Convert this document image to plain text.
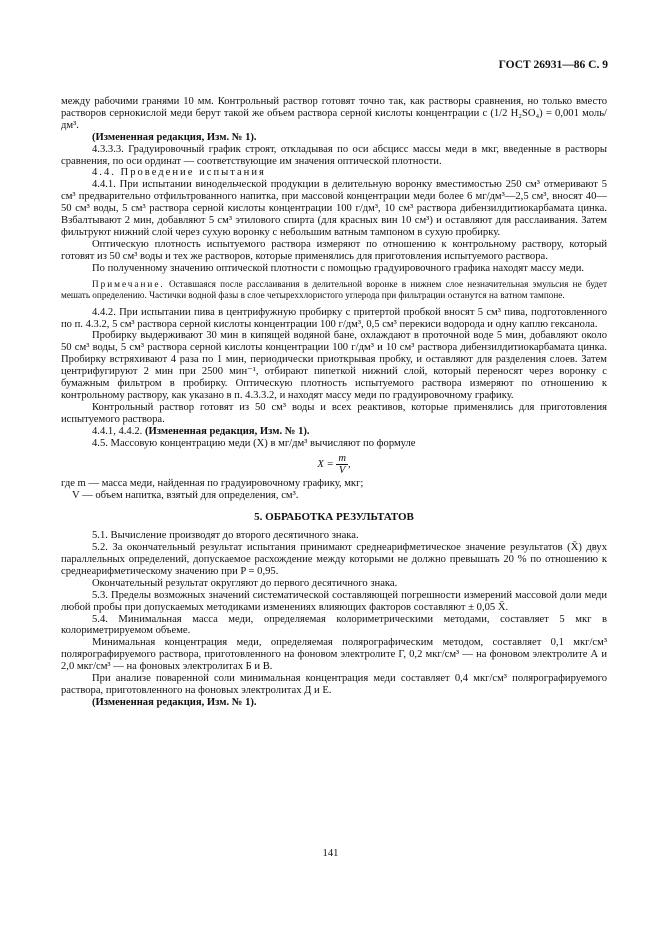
ГОСТ 26931—86 С. 9

между рабочими гранями 10 мм. Контрольный раствор готовят точно так, как растворы сравнения, но только вместо растворов сернокислой меди берут такой же объем раствора серной кислоты концентрации c (1/2 H₂SO₄) = 0,001 моль/дм³.

(Измененная редакция, Изм. № 1).

4.3.3.3. Градуировочный график строят, откладывая по оси абсцисс массы меди в мкг, введенные в растворы сравнения, по оси ординат — соответствующие им значения оптической плотности.

4.4. Проведение испытания

4.4.1. При испытании винодельческой продукции в делительную воронку вместимостью 250 см³ отмеривают 5 см³ предварительно отфильтрованного напитка, при массовой концентрации меди более 6 мг/дм³—2,5 см³, вносят 40—50 см³ воды, 5 см³ раствора серной кислоты концентрации 100 г/дм³, 10 см³ раствора дибензилдитиокарбамата цинка. Взбалтывают 2 мин, добавляют 5 см³ этилового спирта (для красных вин 10 см³) и оставляют для расслаивания. Затем фильтруют нижний слой через сухую воронку с небольшим ватным тампоном в сухую пробирку.

Оптическую плотность испытуемого раствора измеряют по отношению к контрольному раствору, который готовят из 50 см³ воды и тех же растворов, которые применялись для приготовления испытуемого раствора.

По полученному значению оптической плотности с помощью градуировочного графика находят массу меди.

Примечание. Оставшаяся после расслаивания в делительной воронке в нижнем слое незначительная эмульсия не будет мешать определению. Частички водной фазы в слое четыреххлористого углерода при фильтрации останутся на ватном тампоне.

4.4.2. При испытании пива в центрифужную пробирку с притертой пробкой вносят 5 см³ пива, подготовленного по п. 4.3.2, 5 см³ раствора серной кислоты концентрации 100 г/дм³, 0,5 см³ перекиси водорода и одну каплю гексанола.

Пробирку выдерживают 30 мин в кипящей водяной бане, охлаждают в проточной воде 5 мин, добавляют около 50 см³ воды, 5 см³ раствора серной кислоты концентрации 100 г/дм³ и 10 см³ раствора дибензилдитиокарбамата цинка. Пробирку встряхивают 4 раза по 1 мин, периодически приоткрывая пробку, и оставляют для разделения слоев. Затем центрифугируют 2 мин при 2500 мин⁻¹, отбирают пипеткой нижний слой, который переносят через воронку с бумажным фильтром в пробирку. Оптическую плотность испытуемого раствора измеряют по отношению к контрольному раствору, как указано в п. 4.3.3.2, и находят массу меди по градуировочному графику.

Контрольный раствор готовят из 50 см³ воды и всех реактивов, которые применялись для приготовления испытуемого раствора.

4.4.1, 4.4.2. (Измененная редакция, Изм. № 1).

4.5. Массовую концентрацию меди (X) в мг/дм³ вычисляют по формуле

$X = \frac{m}{V}$ ,

где m — масса меди, найденная по градуировочному графику, мкг;

V — объем напитка, взятый для определения, см³.

5. ОБРАБОТКА РЕЗУЛЬТАТОВ

5.1. Вычисление производят до второго десятичного знака.

5.2. За окончательный результат испытания принимают среднеарифметическое значение результатов (X̄) двух параллельных определений, допускаемое расхождение между которыми не должно превышать 20 % по отношению к среднеарифметическому значению при P = 0,95.

Окончательный результат округляют до первого десятичного знака.

5.3. Пределы возможных значений систематической составляющей погрешности измерений массовой доли меди любой пробы при допускаемых методиками изменениях влияющих факторов составляют ± 0,05 X̄.

5.4. Минимальная масса меди, определяемая колориметрическими методами, составляет 5 мкг в колориметрируемом объеме.

Минимальная концентрация меди, определяемая полярографическим методом, составляет 0,1 мкг/см³ полярографируемого раствора, приготовленного на фоновом электролите Г, 0,2 мкг/см³ — на фоновом электролите А и 2,0 мкг/см³ — на фоновых электролитах Б и В.

При анализе поваренной соли минимальная концентрация меди составляет 0,4 мкг/см³ полярографируемого раствора, приготовленного на фоновых электролитах Д и Е.

(Измененная редакция, Изм. № 1).

141
